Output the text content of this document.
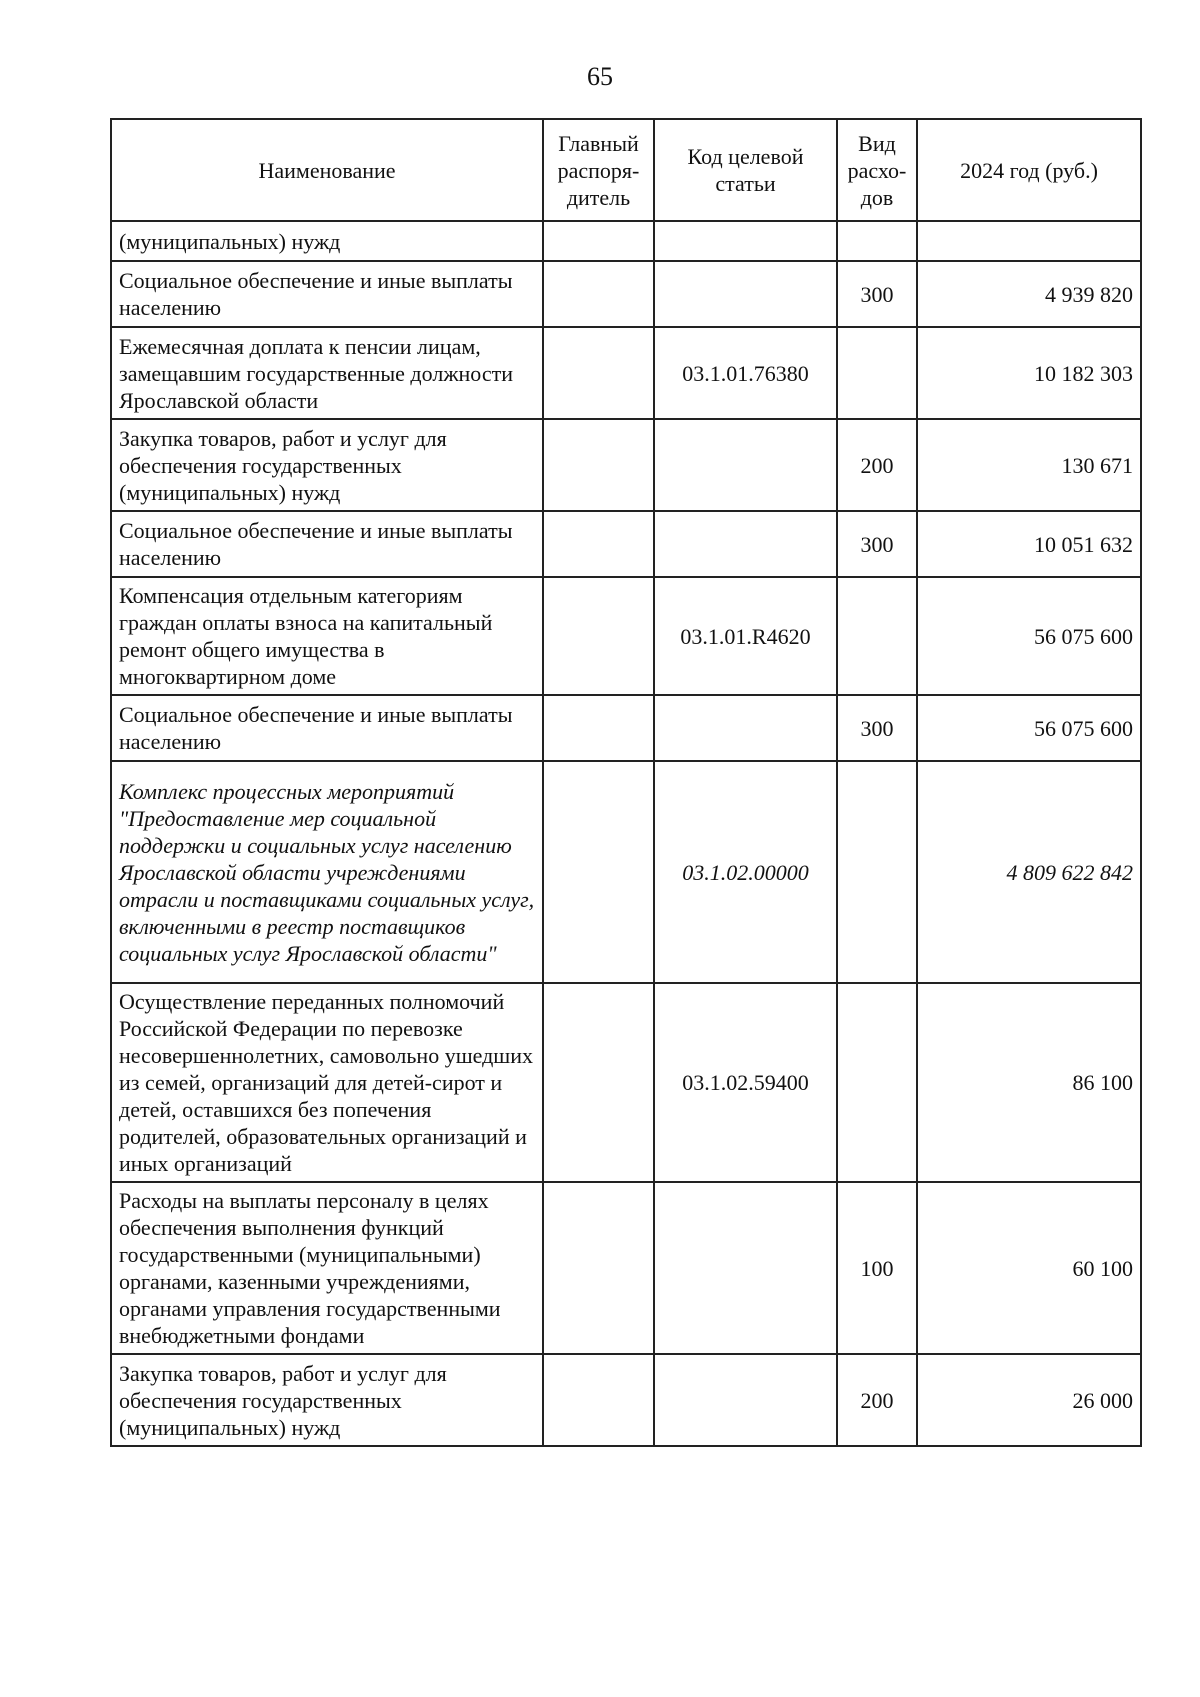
65
Наименование	Главный распоря-дитель	Код целевой статьи	Вид расхо-дов	2024 год (руб.)
(муниципальных) нужд				
Социальное обеспечение и иные выплаты населению			300	4 939 820
Ежемесячная доплата к пенсии лицам, замещавшим государственные должности Ярославской области		03.1.01.76380		10 182 303
Закупка товаров, работ и услуг для обеспечения государственных (муниципальных) нужд			200	130 671
Социальное обеспечение и иные выплаты населению			300	10 051 632
Компенсация отдельным категориям граждан оплаты взноса на капитальный ремонт общего имущества в многоквартирном доме		03.1.01.R4620		56 075 600
Социальное обеспечение и иные выплаты населению			300	56 075 600
Комплекс процессных мероприятий "Предоставление мер социальной поддержки и социальных услуг населению Ярославской области учреждениями отрасли и поставщиками социальных услуг, включенными в реестр поставщиков социальных услуг Ярославской области"		03.1.02.00000		4 809 622 842
Осуществление переданных полномочий Российской Федерации по перевозке несовершеннолетних, самовольно ушедших из семей, организаций для детей-сирот и детей, оставшихся без попечения родителей, образовательных организаций и иных организаций		03.1.02.59400		86 100
Расходы на выплаты персоналу в целях обеспечения выполнения функций государственными (муниципальными) органами, казенными учреждениями, органами управления государственными внебюджетными фондами			100	60 100
Закупка товаров, работ и услуг для обеспечения государственных (муниципальных) нужд			200	26 000
